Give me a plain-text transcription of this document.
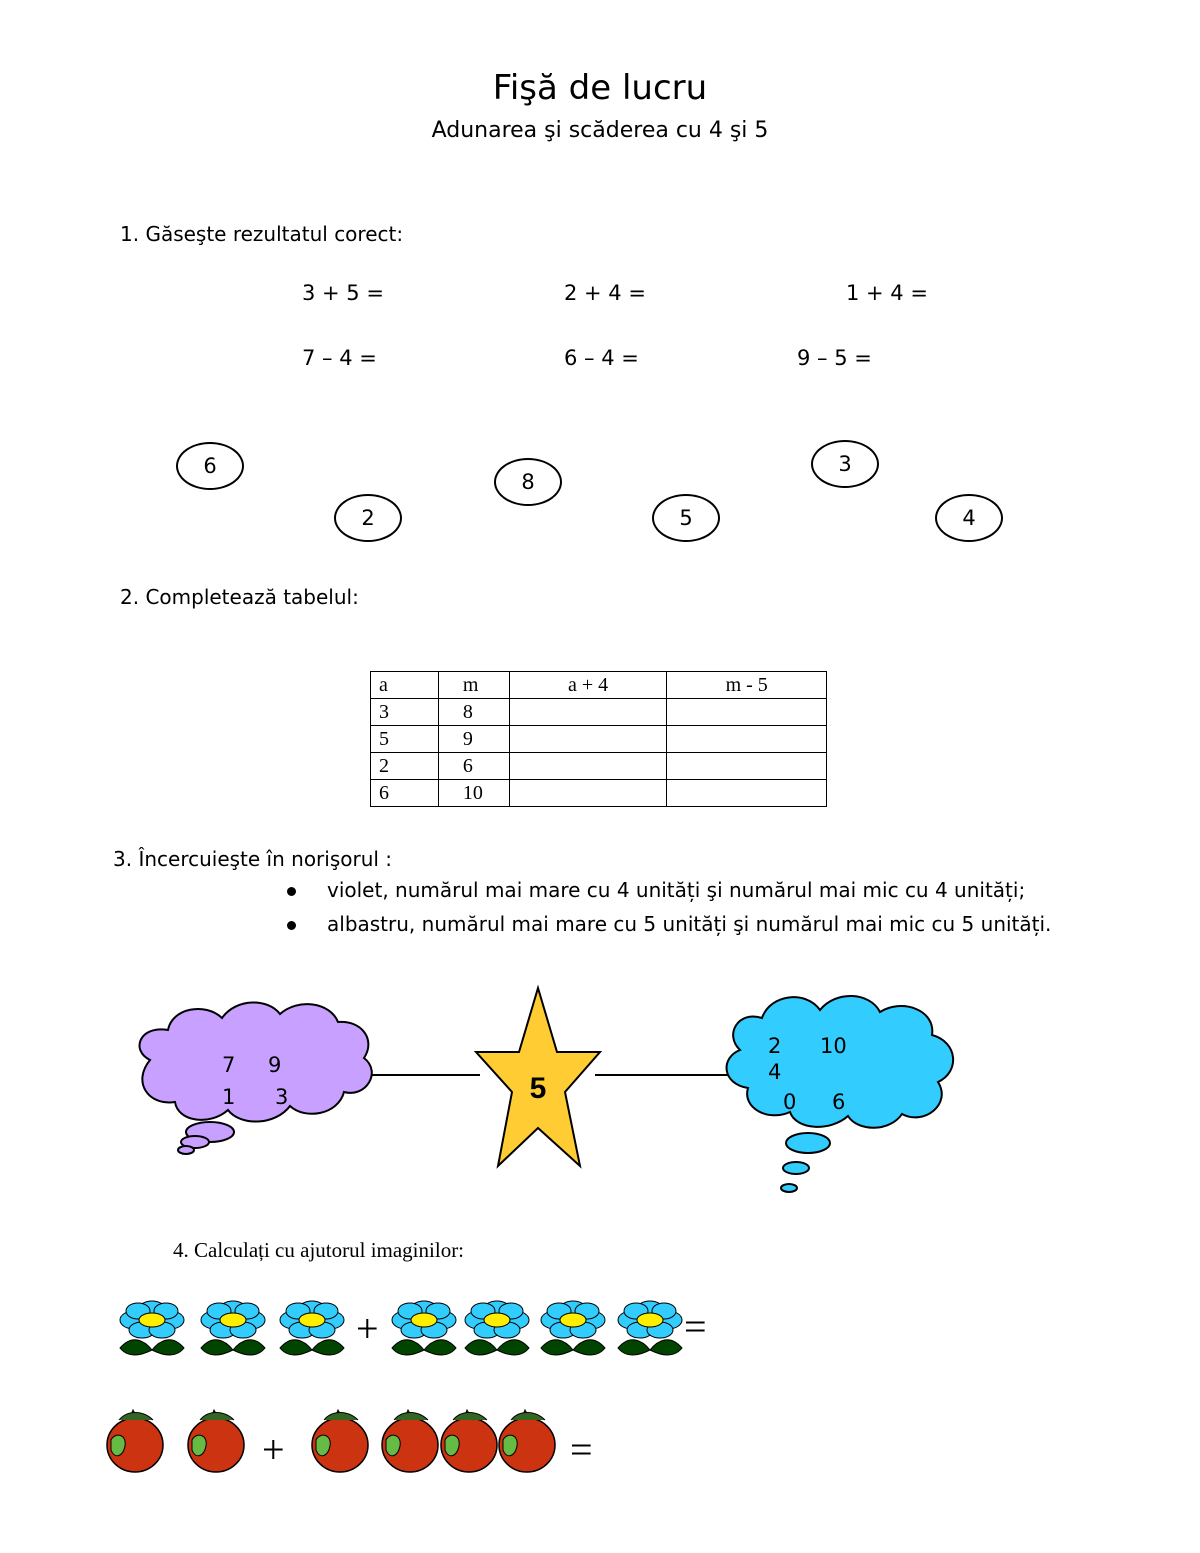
Fişă de lucru
Adunarea şi scăderea cu 4 şi 5
1. Găseşte rezultatul corect:
3 + 5 =	2 + 4 =	1 + 4 =
7 – 4 =	6 – 4 =	9 – 5 =
6
2
8
5
3
4
2. Completează tabelul:
a	m	a + 4	m - 5
3	8		
5	9		
2	6		
6	10		
3. Încercuieşte în norişorul :
violet, numărul mai mare cu 4 unități şi numărul mai mic cu 4 unități;
albastru, numărul mai mare cu 5 unități şi numărul mai mic cu 5 unități.
7 9
1 3	5
2 10
4
0 6
4. Calculați cu ajutorul imaginilor:
+	=
+	=
